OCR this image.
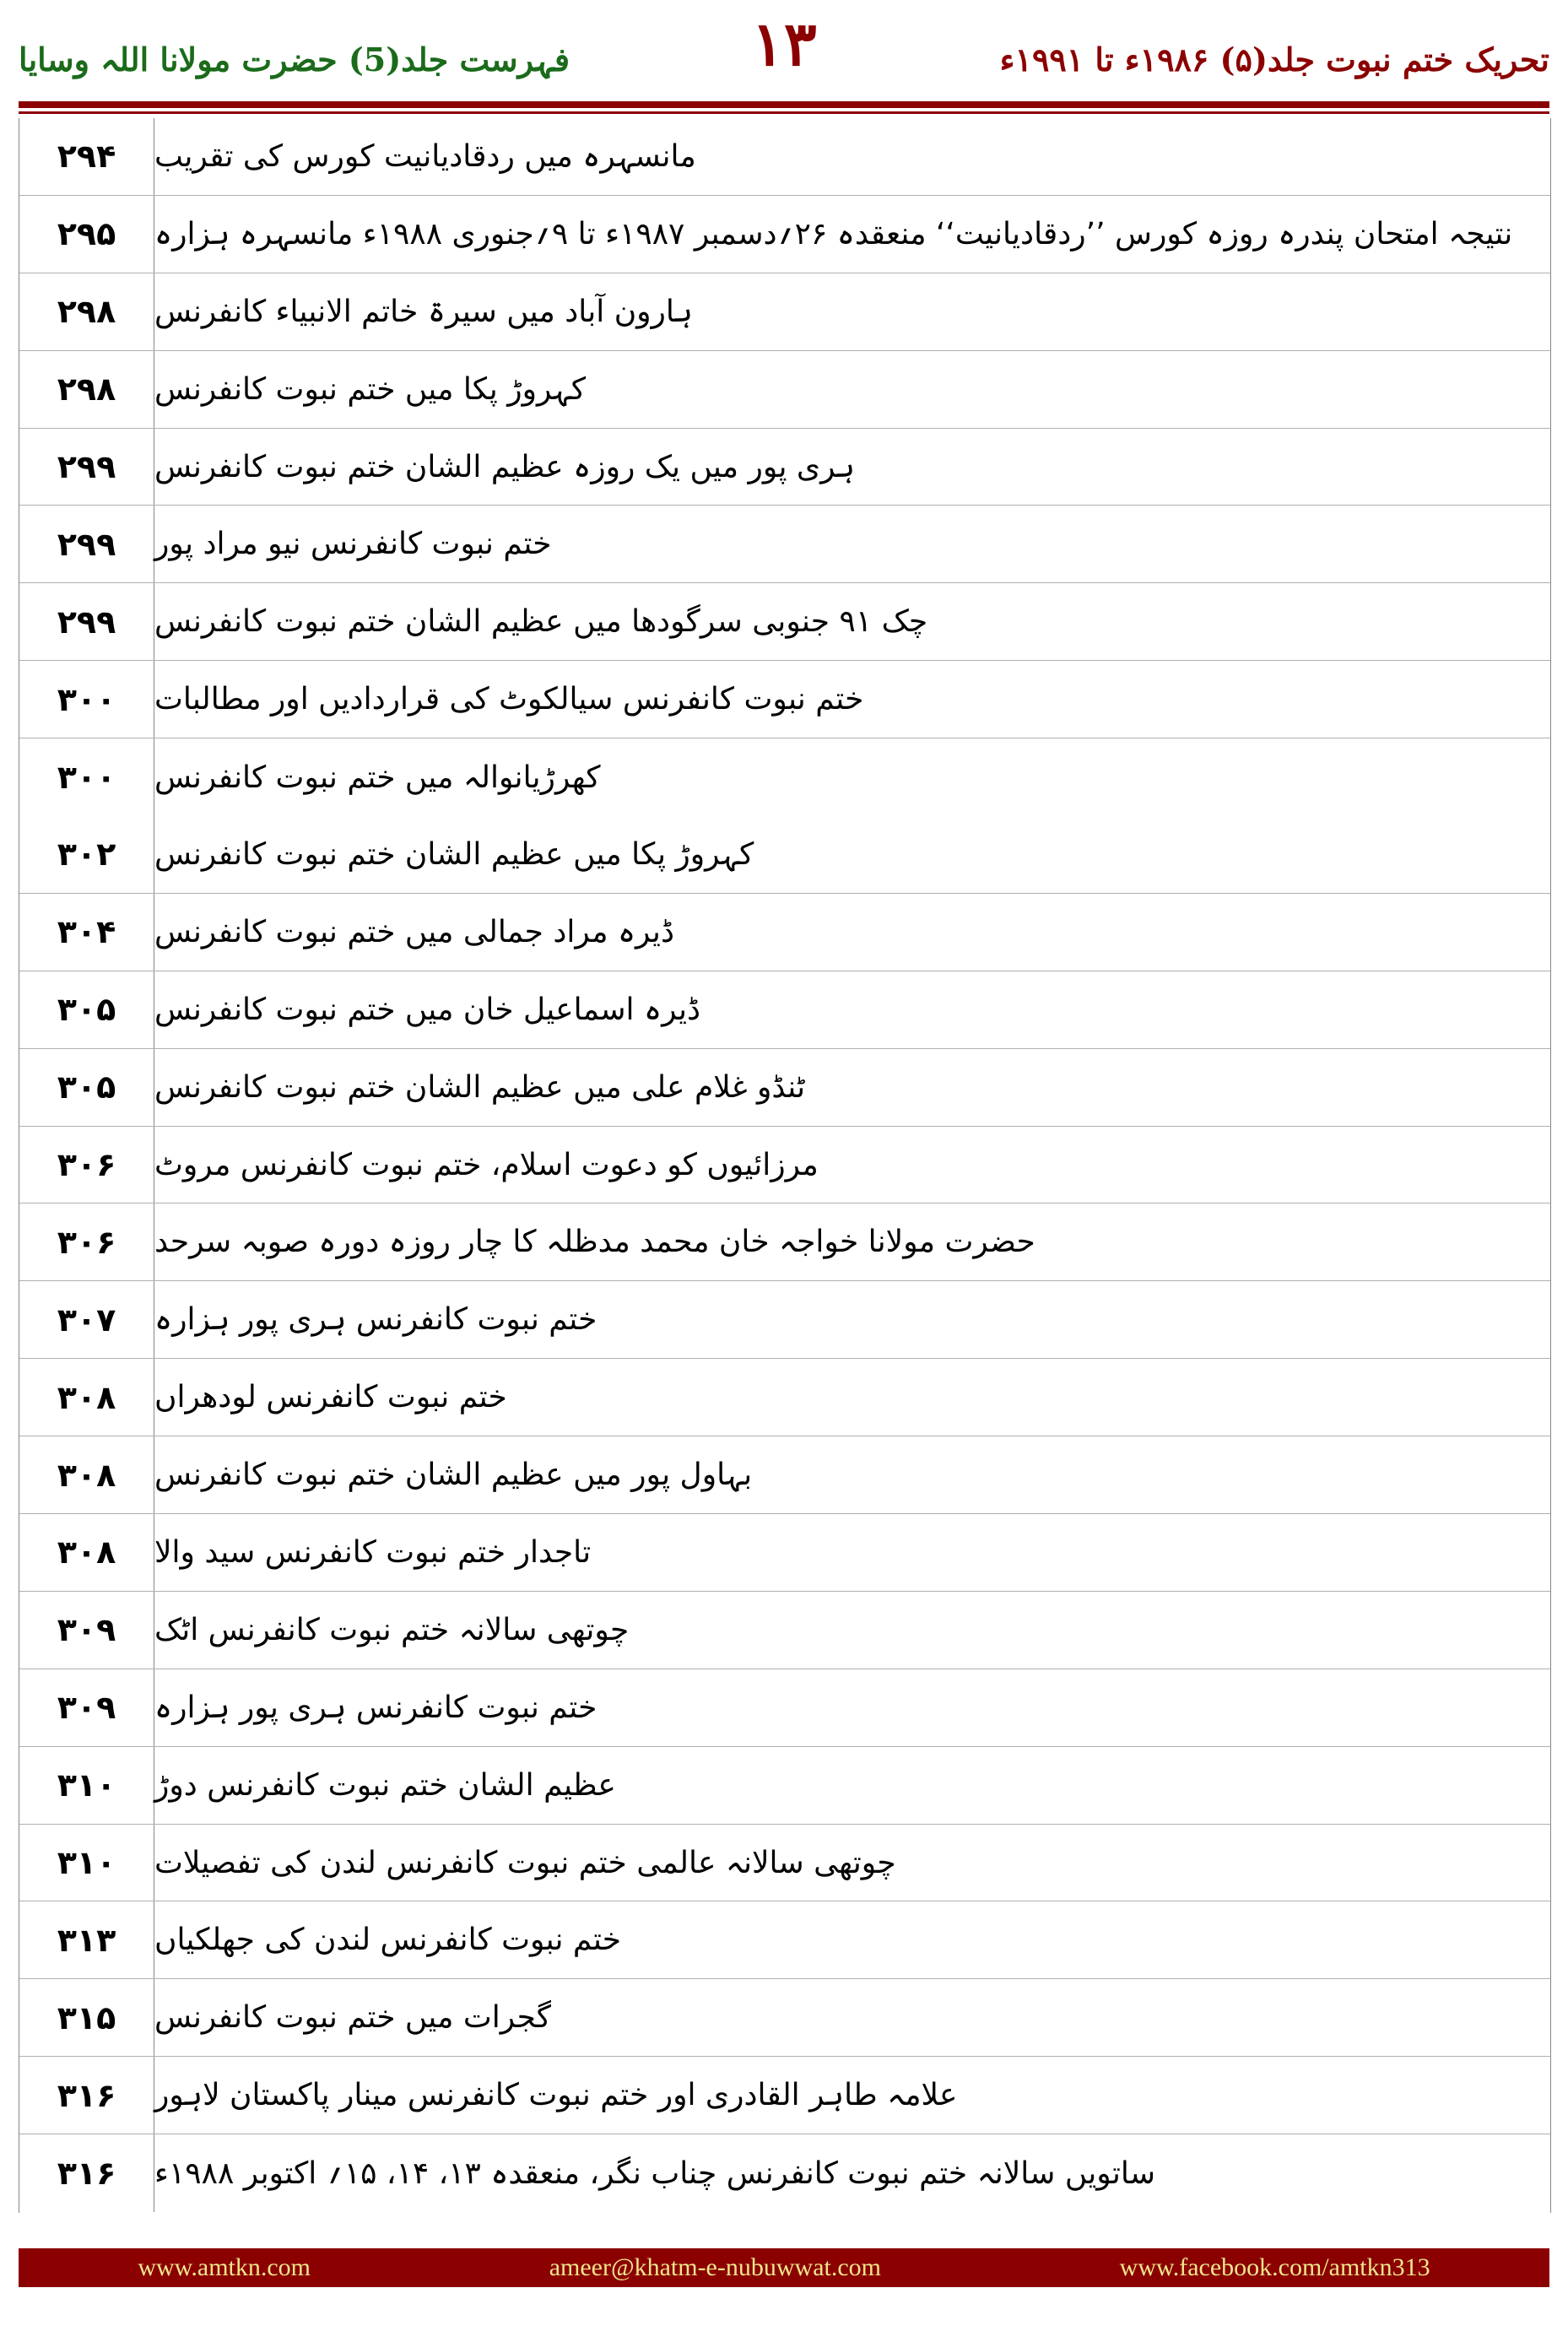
فہرست جلد(5) حضرت مولانا اللہ وسایا	۱۳	تحریک ختم نبوت جلد(۵) ۱۹۸۶ء تا ۱۹۹۱ء
۲۹۴	مانسہرہ میں ردقادیانیت کورس کی تقریب
۲۹۵	نتیجہ امتحان پندرہ روزہ کورس ’’ردقادیانیت‘‘ منعقدہ ۲۶؍دسمبر ۱۹۸۷ء تا ۹؍جنوری ۱۹۸۸ء مانسہرہ ہزارہ
۲۹۸	ہارون آباد میں سیرۃ خاتم الانبیاء کانفرنس
۲۹۸	کہروڑ پکا میں ختم نبوت کانفرنس
۲۹۹	ہری پور میں یک روزہ عظیم الشان ختم نبوت کانفرنس
۲۹۹	ختم نبوت کانفرنس نیو مراد پور
۲۹۹	چک ۹۱ جنوبی سرگودھا میں عظیم الشان ختم نبوت کانفرنس
۳۰۰	ختم نبوت کانفرنس سیالکوٹ کی قراردادیں اور مطالبات
۳۰۰	کھرڑیانوالہ میں ختم نبوت کانفرنس
۳۰۲	کہروڑ پکا میں عظیم الشان ختم نبوت کانفرنس
۳۰۴	ڈیرہ مراد جمالی میں ختم نبوت کانفرنس
۳۰۵	ڈیرہ اسماعیل خان میں ختم نبوت کانفرنس
۳۰۵	ٹنڈو غلام علی میں عظیم الشان ختم نبوت کانفرنس
۳۰۶	مرزائیوں کو دعوت اسلام، ختم نبوت کانفرنس مروٹ
۳۰۶	حضرت مولانا خواجہ خان محمد مدظلہ کا چار روزہ دورہ صوبہ سرحد
۳۰۷	ختم نبوت کانفرنس ہری پور ہزارہ
۳۰۸	ختم نبوت کانفرنس لودھراں
۳۰۸	بہاول پور میں عظیم الشان ختم نبوت کانفرنس
۳۰۸	تاجدار ختم نبوت کانفرنس سید والا
۳۰۹	چوتھی سالانہ ختم نبوت کانفرنس اٹک
۳۰۹	ختم نبوت کانفرنس ہری پور ہزارہ
۳۱۰	عظیم الشان ختم نبوت کانفرنس دوڑ
۳۱۰	چوتھی سالانہ عالمی ختم نبوت کانفرنس لندن کی تفصیلات
۳۱۳	ختم نبوت کانفرنس لندن کی جھلکیاں
۳۱۵	گجرات میں ختم نبوت کانفرنس
۳۱۶	علامہ طاہر القادری اور ختم نبوت کانفرنس مینار پاکستان لاہور
۳۱۶	ساتویں سالانہ ختم نبوت کانفرنس چناب نگر، منعقدہ ۱۳، ۱۴، ۱۵؍ اکتوبر ۱۹۸۸ء
www.amtkn.com	ameer@khatm-e-nubuwwat.com	www.facebook.com/amtkn313
